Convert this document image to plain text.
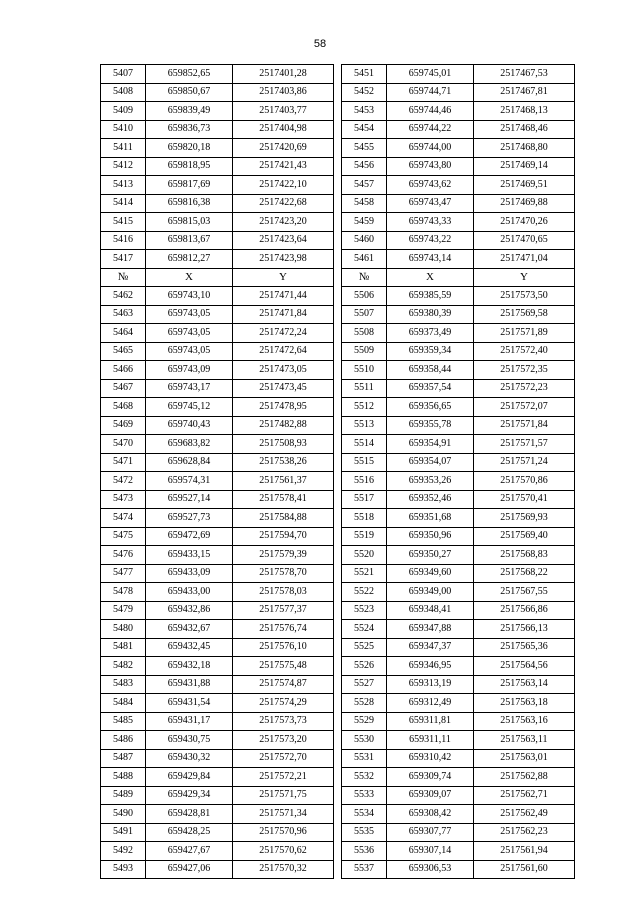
58
5407	659852,65	2517401,28		5451	659745,01	2517467,53
5408	659850,67	2517403,86		5452	659744,71	2517467,81
5409	659839,49	2517403,77		5453	659744,46	2517468,13
5410	659836,73	2517404,98		5454	659744,22	2517468,46
5411	659820,18	2517420,69		5455	659744,00	2517468,80
5412	659818,95	2517421,43		5456	659743,80	2517469,14
5413	659817,69	2517422,10		5457	659743,62	2517469,51
5414	659816,38	2517422,68		5458	659743,47	2517469,88
5415	659815,03	2517423,20		5459	659743,33	2517470,26
5416	659813,67	2517423,64		5460	659743,22	2517470,65
5417	659812,27	2517423,98		5461	659743,14	2517471,04
№	X	Y		№	X	Y
5462	659743,10	2517471,44		5506	659385,59	2517573,50
5463	659743,05	2517471,84		5507	659380,39	2517569,58
5464	659743,05	2517472,24		5508	659373,49	2517571,89
5465	659743,05	2517472,64		5509	659359,34	2517572,40
5466	659743,09	2517473,05		5510	659358,44	2517572,35
5467	659743,17	2517473,45		5511	659357,54	2517572,23
5468	659745,12	2517478,95		5512	659356,65	2517572,07
5469	659740,43	2517482,88		5513	659355,78	2517571,84
5470	659683,82	2517508,93		5514	659354,91	2517571,57
5471	659628,84	2517538,26		5515	659354,07	2517571,24
5472	659574,31	2517561,37		5516	659353,26	2517570,86
5473	659527,14	2517578,41		5517	659352,46	2517570,41
5474	659527,73	2517584,88		5518	659351,68	2517569,93
5475	659472,69	2517594,70		5519	659350,96	2517569,40
5476	659433,15	2517579,39		5520	659350,27	2517568,83
5477	659433,09	2517578,70		5521	659349,60	2517568,22
5478	659433,00	2517578,03		5522	659349,00	2517567,55
5479	659432,86	2517577,37		5523	659348,41	2517566,86
5480	659432,67	2517576,74		5524	659347,88	2517566,13
5481	659432,45	2517576,10		5525	659347,37	2517565,36
5482	659432,18	2517575,48		5526	659346,95	2517564,56
5483	659431,88	2517574,87		5527	659313,19	2517563,14
5484	659431,54	2517574,29		5528	659312,49	2517563,18
5485	659431,17	2517573,73		5529	659311,81	2517563,16
5486	659430,75	2517573,20		5530	659311,11	2517563,11
5487	659430,32	2517572,70		5531	659310,42	2517563,01
5488	659429,84	2517572,21		5532	659309,74	2517562,88
5489	659429,34	2517571,75		5533	659309,07	2517562,71
5490	659428,81	2517571,34		5534	659308,42	2517562,49
5491	659428,25	2517570,96		5535	659307,77	2517562,23
5492	659427,67	2517570,62		5536	659307,14	2517561,94
5493	659427,06	2517570,32		5537	659306,53	2517561,60
